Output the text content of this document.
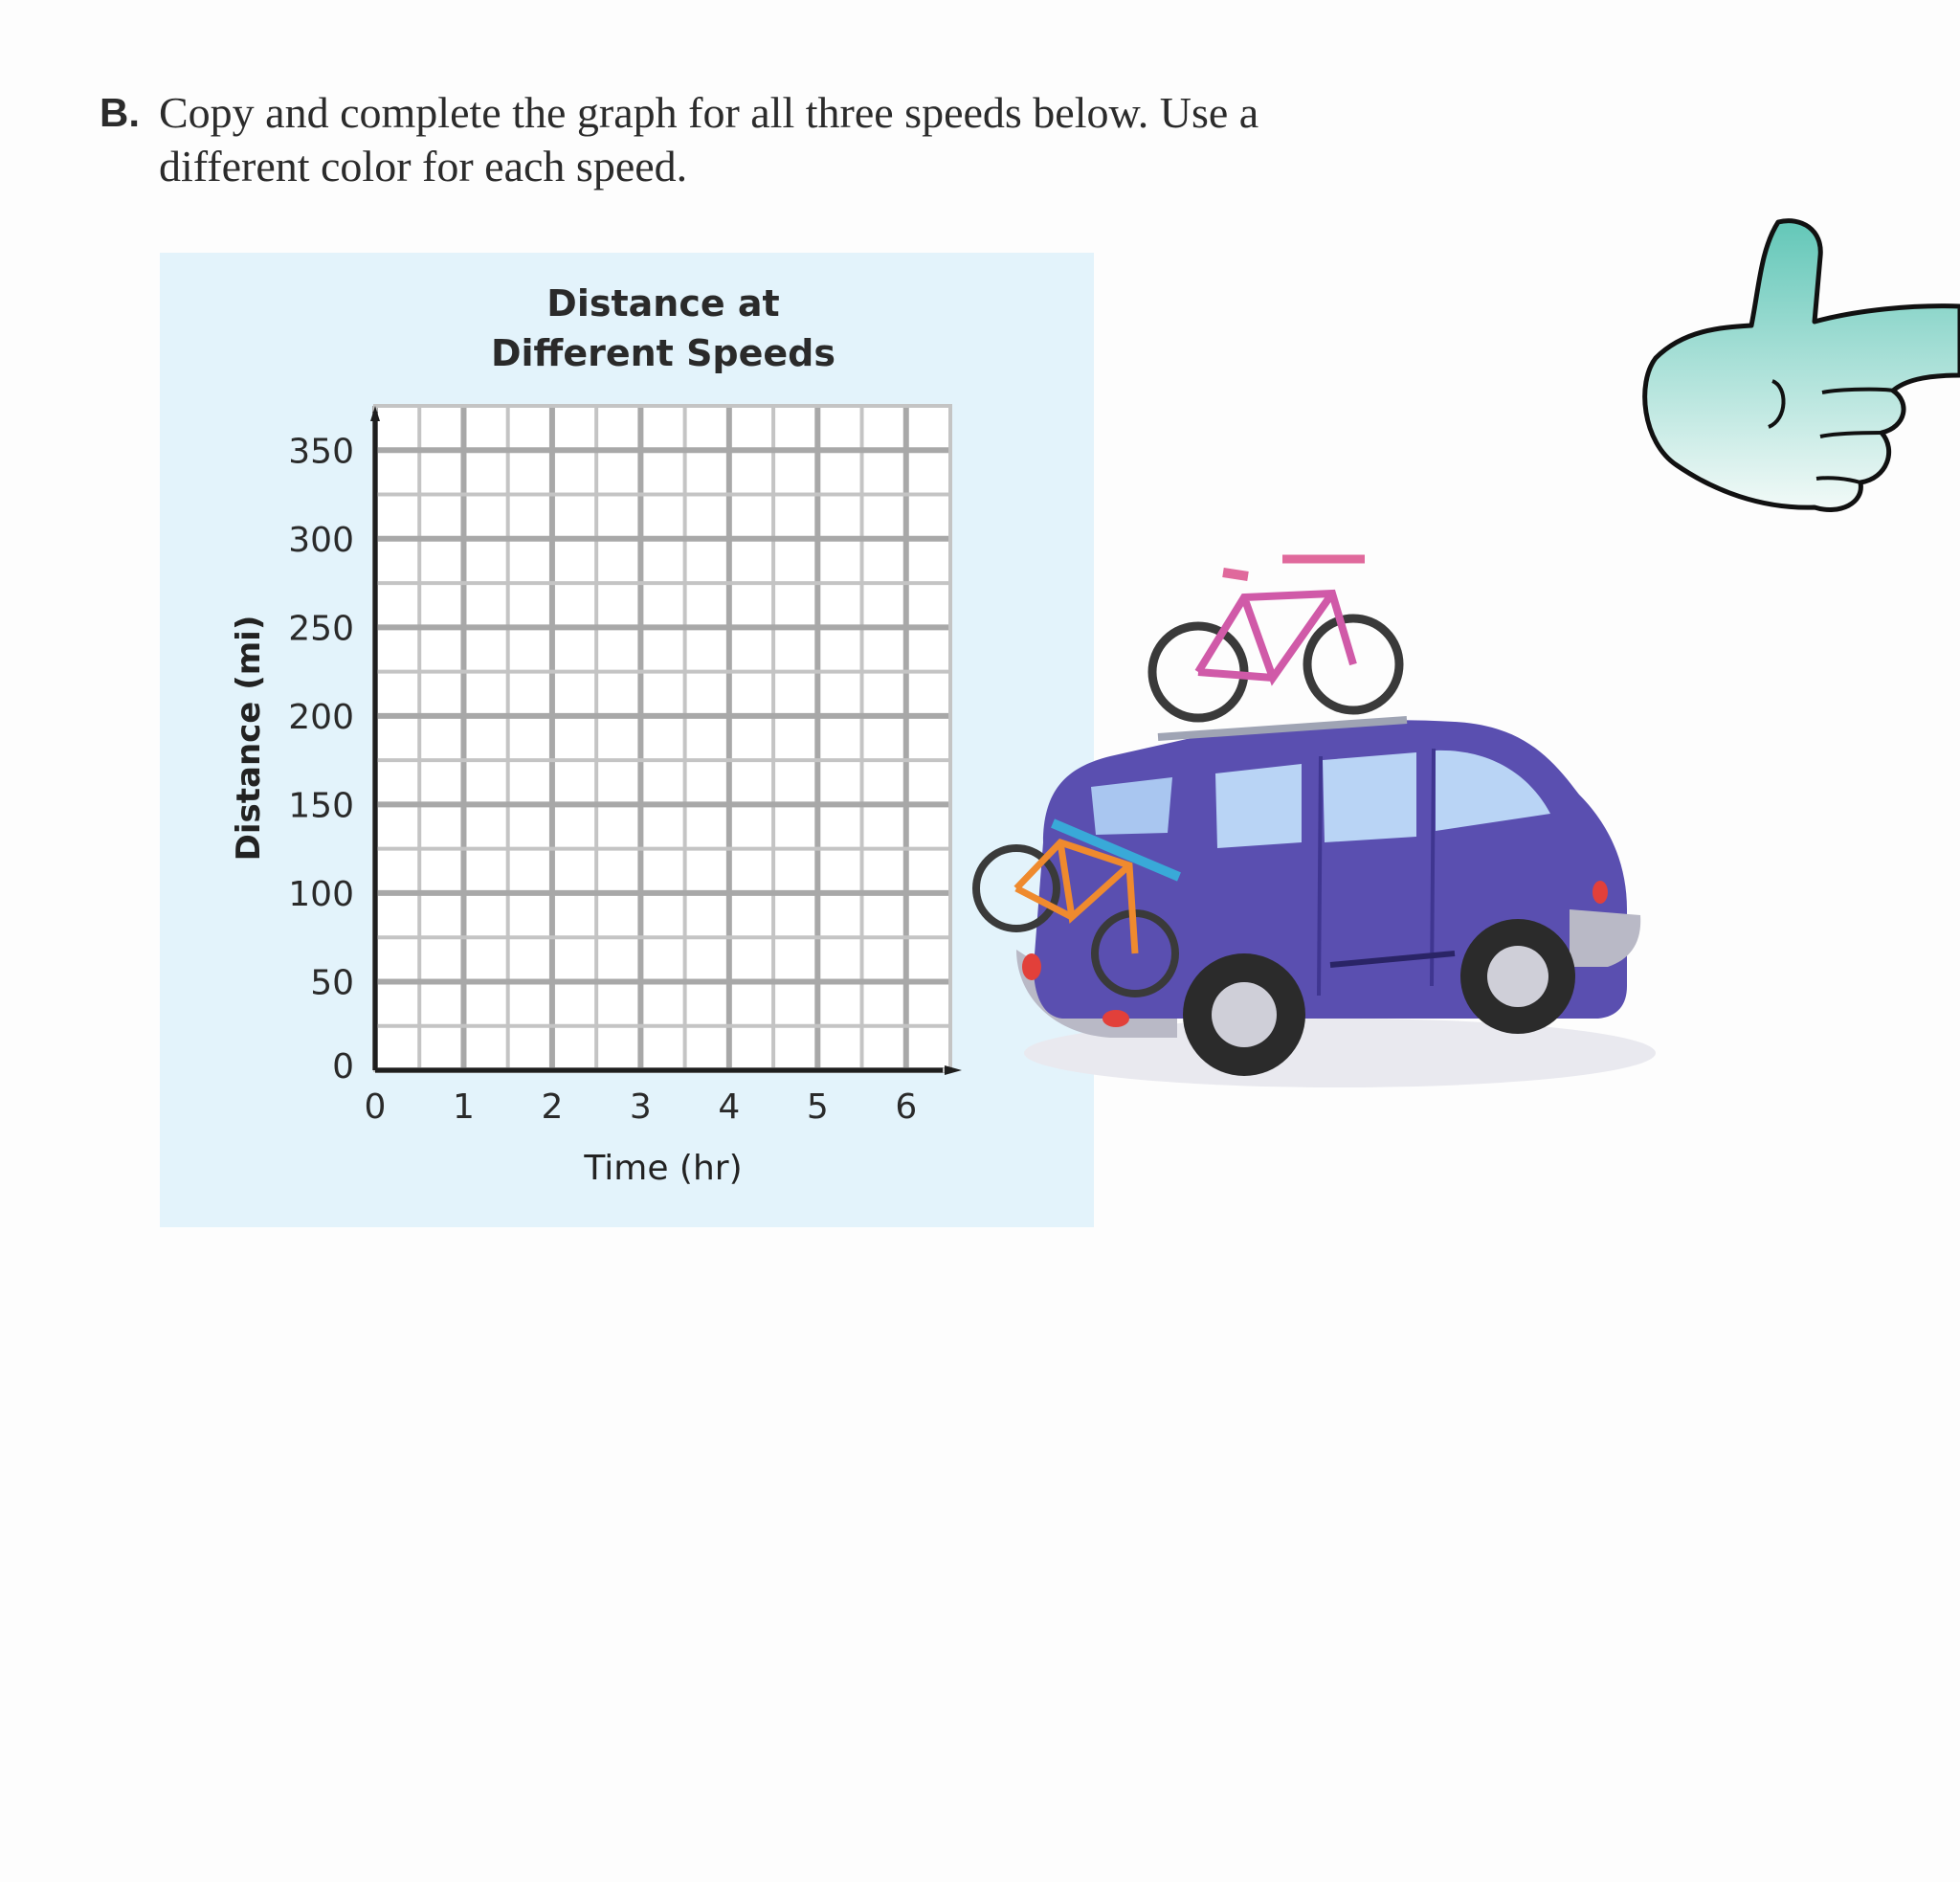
B. Copy and complete the graph for all three speeds below. Use a different color for each speed.
0 1 2 3 4 5 6
0
50
100
150
200
250
300
350
Distance at
Different Speeds
Time (hr)
Distance (mi)
